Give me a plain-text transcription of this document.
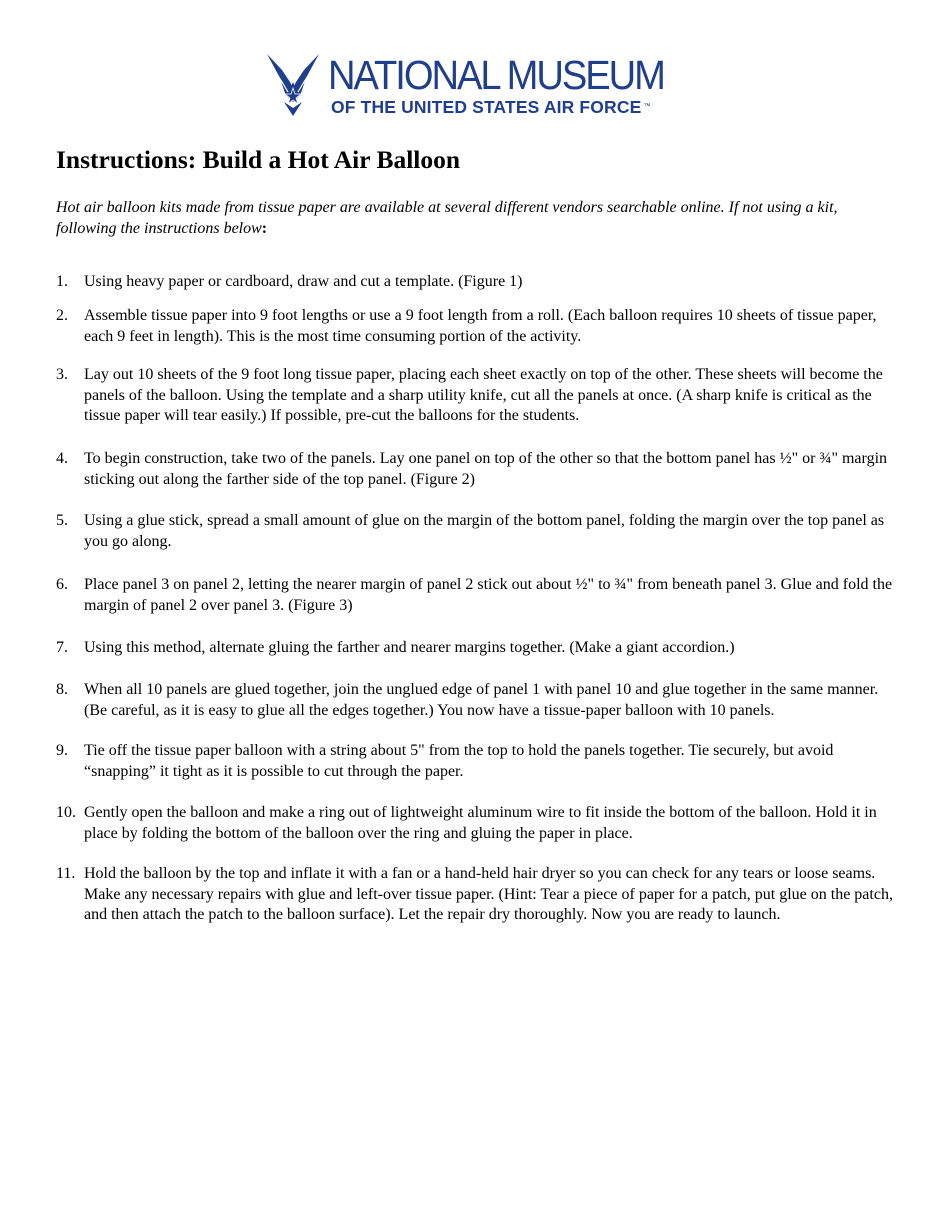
NATIONAL MUSEUM
OF THE UNITED STATES AIR FORCE ™
Instructions: Build a Hot Air Balloon

Hot air balloon kits made from tissue paper are available at several different vendors searchable online. If not using a kit, following the instructions below:

1.	Using heavy paper or cardboard, draw and cut a template. (Figure 1)
2.	Assemble tissue paper into 9 foot lengths or use a 9 foot length from a roll. (Each balloon requires 10 sheets of tissue paper, each 9 feet in length). This is the most time consuming portion of the activity.
3.	Lay out 10 sheets of the 9 foot long tissue paper, placing each sheet exactly on top of the other. These sheets will become the panels of the balloon. Using the template and a sharp utility knife, cut all the panels at once. (A sharp knife is critical as the tissue paper will tear easily.) If possible, pre-cut the balloons for the students.
4.	To begin construction, take two of the panels. Lay one panel on top of the other so that the bottom panel has ½" or ¾" margin sticking out along the farther side of the top panel. (Figure 2)
5.	Using a glue stick, spread a small amount of glue on the margin of the bottom panel, folding the margin over the top panel as you go along.
6.	Place panel 3 on panel 2, letting the nearer margin of panel 2 stick out about ½" to ¾" from beneath panel 3. Glue and fold the margin of panel 2 over panel 3. (Figure 3)
7.	Using this method, alternate gluing the farther and nearer margins together. (Make a giant accordion.)
8.	When all 10 panels are glued together, join the unglued edge of panel 1 with panel 10 and glue together in the same manner. (Be careful, as it is easy to glue all the edges together.) You now have a tissue-paper balloon with 10 panels.
9.	Tie off the tissue paper balloon with a string about 5" from the top to hold the panels together. Tie securely, but avoid “snapping” it tight as it is possible to cut through the paper.
10. Gently open the balloon and make a ring out of lightweight aluminum wire to fit inside the bottom of the balloon. Hold it in place by folding the bottom of the balloon over the ring and gluing the paper in place.
11. Hold the balloon by the top and inflate it with a fan or a hand-held hair dryer so you can check for any tears or loose seams. Make any necessary repairs with glue and left-over tissue paper. (Hint: Tear a piece of paper for a patch, put glue on the patch, and then attach the patch to the balloon surface). Let the repair dry thoroughly. Now you are ready to launch.
